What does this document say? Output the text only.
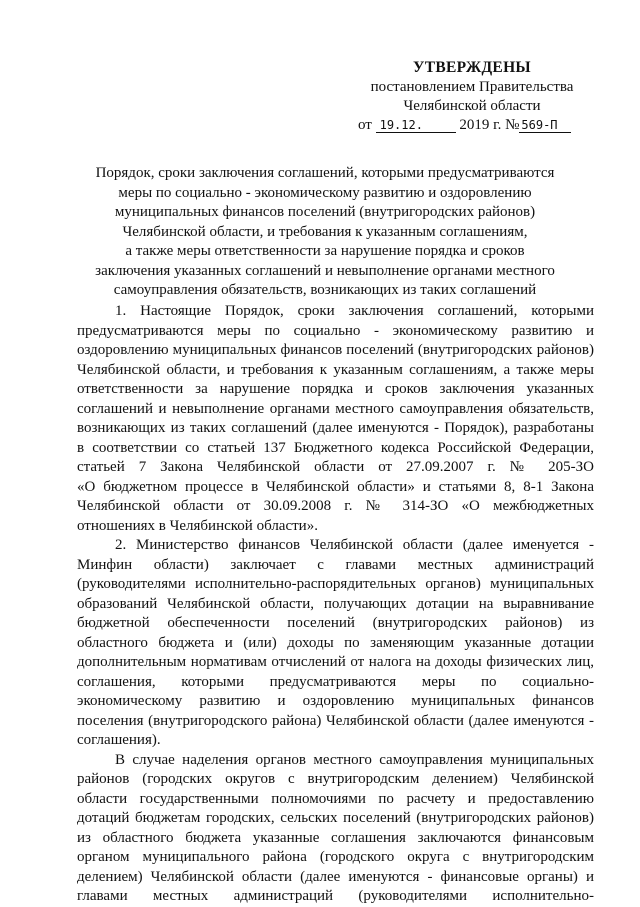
УТВЕРЖДЕНЫ
постановлением Правительства
Челябинской области
от 19.12. 2019 г. № 569-П
Порядок, сроки заключения соглашений, которыми предусматриваются
меры по социально - экономическому развитию и оздоровлению
муниципальных финансов поселений (внутригородских районов)
Челябинской области, и требования к указанным соглашениям,
а также меры ответственности за нарушение порядка и сроков
заключения указанных соглашений и невыполнение органами местного
самоуправления обязательств, возникающих из таких соглашений
1. Настоящие Порядок, сроки заключения соглашений, которыми
предусматриваются меры по социально - экономическому развитию и
оздоровлению муниципальных финансов поселений (внутригородских районов)
Челябинской области, и требования к указанным соглашениям, а также меры
ответственности за нарушение порядка и сроков заключения указанных
соглашений и невыполнение органами местного самоуправления обязательств,
возникающих из таких соглашений (далее именуются - Порядок), разработаны
в соответствии со статьей 137 Бюджетного кодекса Российской Федерации,
статьей 7 Закона Челябинской области от 27.09.2007 г. № 205-ЗО
«О бюджетном процессе в Челябинской области» и статьями 8, 8-1 Закона
Челябинской области от 30.09.2008 г. № 314-ЗО «О межбюджетных
отношениях в Челябинской области».
2. Министерство финансов Челябинской области (далее именуется -
Минфин области) заключает с главами местных администраций
(руководителями исполнительно-распорядительных органов) муниципальных
образований Челябинской области, получающих дотации на выравнивание
бюджетной обеспеченности поселений (внутригородских районов) из
областного бюджета и (или) доходы по заменяющим указанные дотации
дополнительным нормативам отчислений от налога на доходы физических лиц,
соглашения, которыми предусматриваются меры по социально-
экономическому развитию и оздоровлению муниципальных финансов
поселения (внутригородского района) Челябинской области (далее именуются -
соглашения).
В случае наделения органов местного самоуправления муниципальных
районов (городских округов с внутригородским делением) Челябинской
области государственными полномочиями по расчету и предоставлению
дотаций бюджетам городских, сельских поселений (внутригородских районов)
из областного бюджета указанные соглашения заключаются финансовым
органом муниципального района (городского округа с внутригородским
делением) Челябинской области (далее именуются - финансовые органы) и
главами местных администраций (руководителями исполнительно-
